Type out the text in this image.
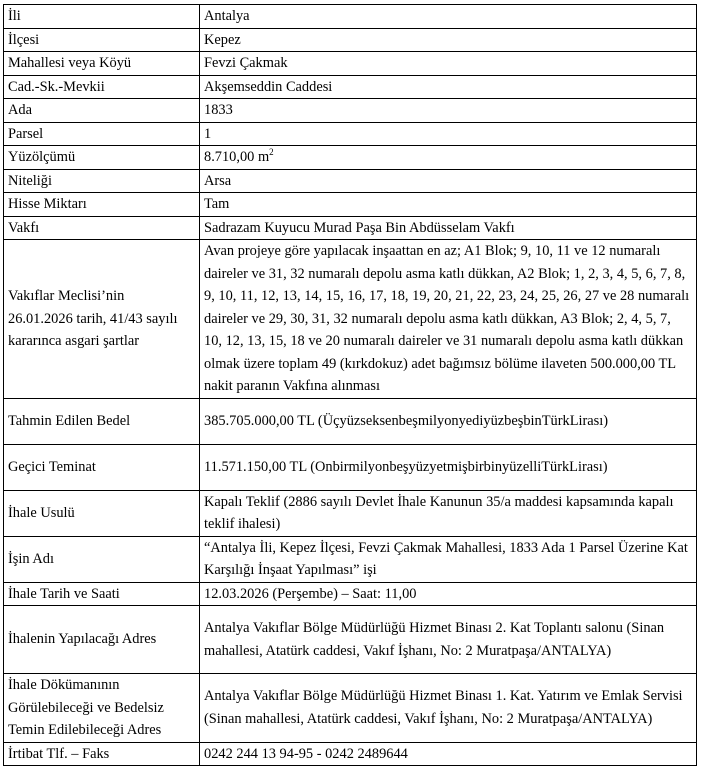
İli	Antalya
İlçesi	Kepez
Mahallesi veya Köyü	Fevzi Çakmak
Cad.-Sk.-Mevkii	Akşemseddin Caddesi
Ada	1833
Parsel	1
Yüzölçümü	8.710,00 $m^2$
Niteliği	Arsa
Hisse Miktarı	Tam
Vakfı	Sadrazam Kuyucu Murad Paşa Bin Abdüsselam Vakfı
Vakıflar Meclisi’nin 26.01.2026 tarih, 41/43 sayılı kararınca asgari şartlar	Avan projeye göre yapılacak inşaattan en az; A1 Blok; 9, 10, 11 ve 12 numaralı daireler ve 31, 32 numaralı depolu asma katlı dükkan, A2 Blok; 1, 2, 3, 4, 5, 6, 7, 8, 9, 10, 11, 12, 13, 14, 15, 16, 17, 18, 19, 20, 21, 22, 23, 24, 25, 26, 27 ve 28 numaralı daireler ve 29, 30, 31, 32 numaralı depolu asma katlı dükkan, A3 Blok; 2, 4, 5, 7, 10, 12, 13, 15, 18 ve 20 numaralı daireler ve 31 numaralı depolu asma katlı dükkan olmak üzere toplam 49 (kırkdokuz) adet bağımsız bölüme ilaveten 500.000,00 TL nakit paranın Vakfına alınması
Tahmin Edilen Bedel	385.705.000,00 TL (ÜçyüzseksenbeşmilyonyediyüzbeşbinTürkLirası)
Geçici Teminat	11.571.150,00 TL (OnbirmilyonbeşyüzyetmişbirbinyüzelliTürkLirası)
İhale Usulü	Kapalı Teklif (2886 sayılı Devlet İhale Kanunun 35/a maddesi kapsamında kapalı teklif ihalesi)
İşin Adı	“Antalya İli, Kepez İlçesi, Fevzi Çakmak Mahallesi, 1833 Ada 1 Parsel Üzerine Kat Karşılığı İnşaat Yapılması” işi
İhale Tarih ve Saati	12.03.2026 (Perşembe) – Saat: 11,00
İhalenin Yapılacağı Adres	Antalya Vakıflar Bölge Müdürlüğü Hizmet Binası 2. Kat Toplantı salonu (Sinan mahallesi, Atatürk caddesi, Vakıf İşhanı, No: 2 Muratpaşa/ANTALYA)
İhale Dökümanının Görülebileceği ve Bedelsiz Temin Edilebileceği Adres	Antalya Vakıflar Bölge Müdürlüğü Hizmet Binası 1. Kat. Yatırım ve Emlak Servisi (Sinan mahallesi, Atatürk caddesi, Vakıf İşhanı, No: 2 Muratpaşa/ANTALYA)
İrtibat Tlf. – Faks	0242 244 13 94-95 - 0242 2489644
